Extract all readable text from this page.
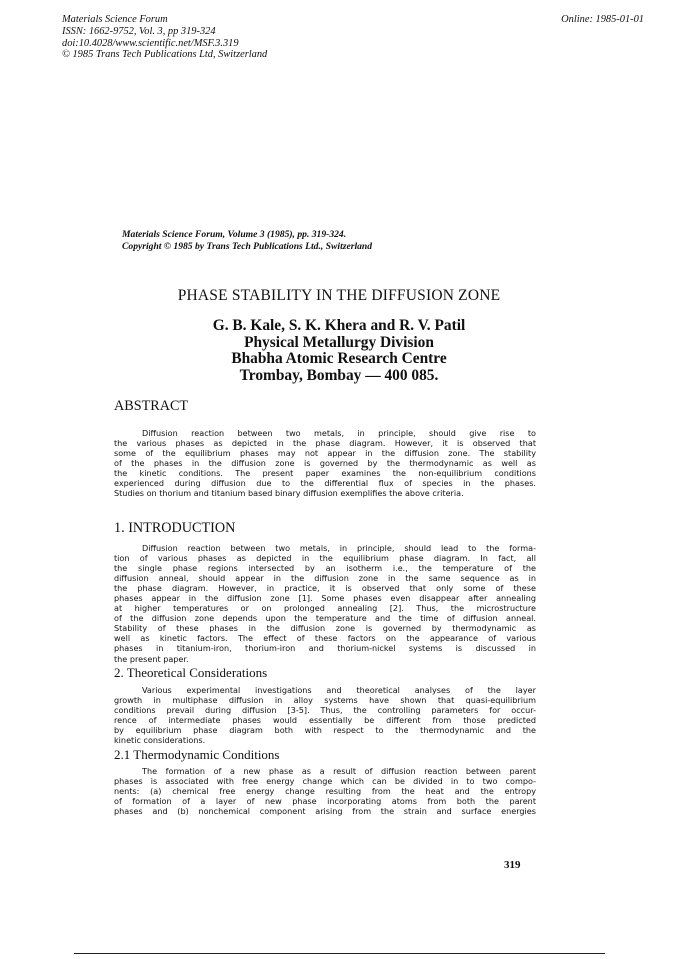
Materials Science Forum
ISSN: 1662-9752, Vol. 3, pp 319-324
doi:10.4028/www.scientific.net/MSF.3.319
© 1985 Trans Tech Publications Ltd, Switzerland
Online: 1985-01-01
Materials Science Forum, Volume 3 (1985), pp. 319-324.
Copyright © 1985 by Trans Tech Publications Ltd., Switzerland
PHASE STABILITY IN THE DIFFUSION ZONE
G. B. Kale, S. K. Khera and R. V. Patil
Physical Metallurgy Division
Bhabha Atomic Research Centre
Trombay, Bombay — 400 085.
ABSTRACT
Diffusion reaction between two metals, in principle, should give rise to
the various phases as depicted in the phase diagram. However, it is observed that
some of the equilibrium phases may not appear in the diffusion zone. The stability
of the phases in the diffusion zone is governed by the thermodynamic as well as
the kinetic conditions. The present paper examines the non-equilibrium conditions
experienced during diffusion due to the differential flux of species in the phases.
Studies on thorium and titanium based binary diffusion exemplifies the above criteria.
1. INTRODUCTION
Diffusion reaction between two metals, in principle, should lead to the forma-
tion of various phases as depicted in the equilibrium phase diagram. In fact, all
the single phase regions intersected by an isotherm i.e., the temperature of the
diffusion anneal, should appear in the diffusion zone in the same sequence as in
the phase diagram. However, in practice, it is observed that only some of these
phases appear in the diffusion zone [1]. Some phases even disappear after annealing
at higher temperatures or on prolonged annealing [2]. Thus, the microstructure
of the diffusion zone depends upon the temperature and the time of diffusion anneal.
Stability of these phases in the diffusion zone is governed by thermodynamic as
well as kinetic factors. The effect of these factors on the appearance of various
phases in titanium-iron, thorium-iron and thorium-nickel systems is discussed in
the present paper.
2. Theoretical Considerations
Various experimental investigations and theoretical analyses of the layer
growth in multiphase diffusion in alloy systems have shown that quasi-equilibrium
conditions prevail during diffusion [3-5]. Thus, the controlling parameters for occur-
rence of intermediate phases would essentially be different from those predicted
by equilibrium phase diagram both with respect to the thermodynamic and the
kinetic considerations.
2.1 Thermodynamic Conditions
The formation of a new phase as a result of diffusion reaction between parent
phases is associated with free energy change which can be divided in to two compo-
nents: (a) chemical free energy change resulting from the heat and the entropy
of formation of a layer of new phase incorporating atoms from both the parent
phases and (b) nonchemical component arising from the strain and surface energies
319
